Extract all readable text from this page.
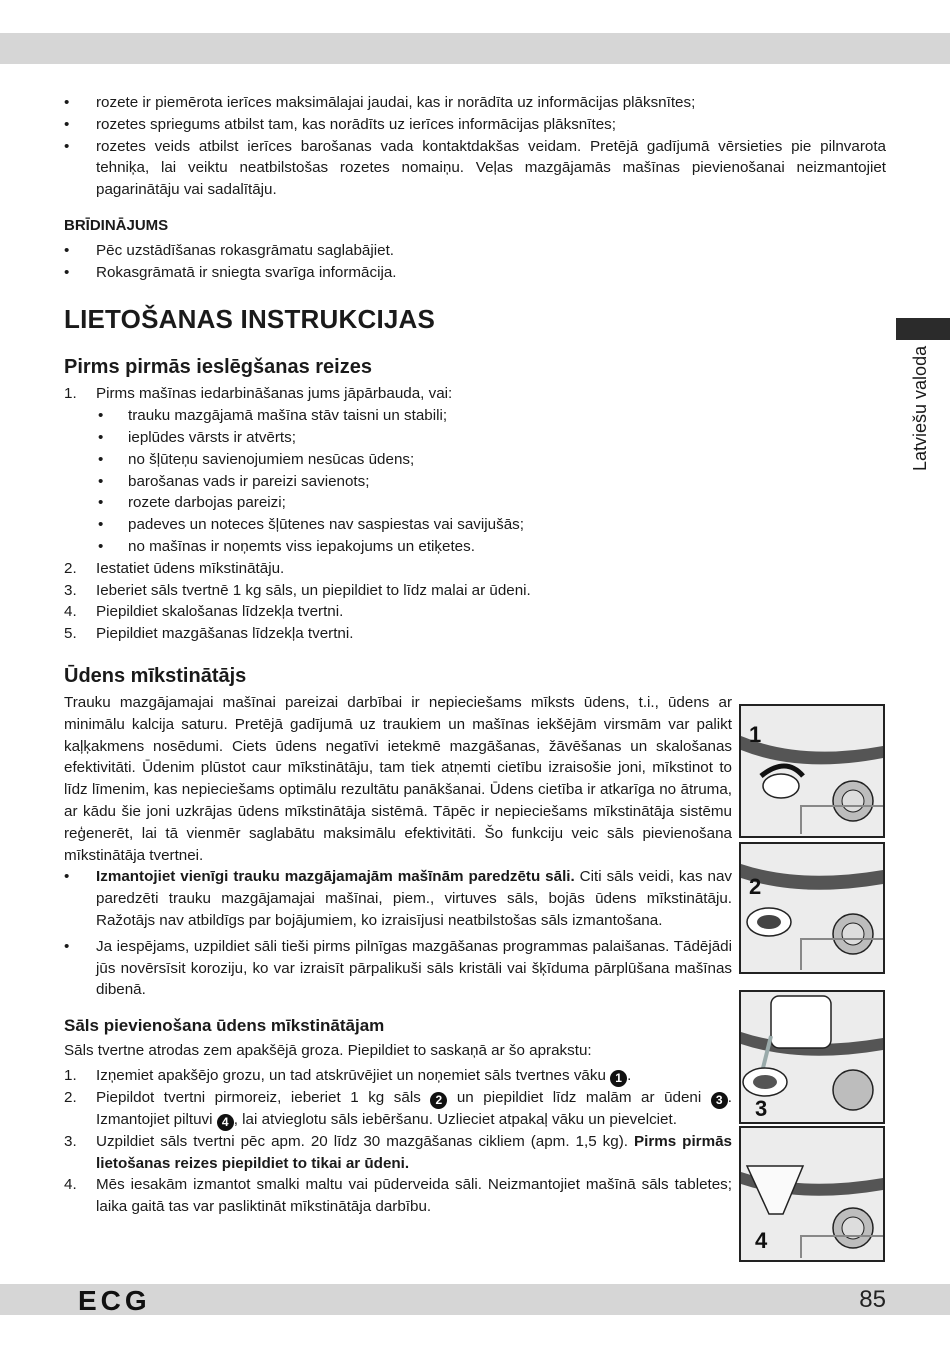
Latviešu valoda
• rozete ir piemērota ierīces maksimālajai jaudai, kas ir norādīta uz informācijas plāksnītes;
• rozetes spriegums atbilst tam, kas norādīts uz ierīces informācijas plāksnītes;
• rozetes veids atbilst ierīces barošanas vada kontaktdakšas veidam. Pretējā gadījumā vērsieties pie pilnvarota tehniķa, lai veiktu neatbilstošas rozetes nomaiņu. Veļas mazgājamās mašīnas pievienošanai neizmantojiet pagarinātāju vai sadalītāju.
BRĪDINĀJUMS
• Pēc uzstādīšanas rokasgrāmatu saglabājiet.
• Rokasgrāmatā ir sniegta svarīga informācija.
LIETOŠANAS INSTRUKCIJAS
Pirms pirmās ieslēgšanas reizes
1. Pirms mašīnas iedarbināšanas jums jāpārbauda, vai:
• trauku mazgājamā mašīna stāv taisni un stabili;
• ieplūdes vārsts ir atvērts;
• no šļūteņu savienojumiem nesūcas ūdens;
• barošanas vads ir pareizi savienots;
• rozete darbojas pareizi;
• padeves un noteces šļūtenes nav saspiestas vai savijušās;
• no mašīnas ir noņemts viss iepakojums un etiķetes.
2. Iestatiet ūdens mīkstinātāju.
3. Ieberiet sāls tvertnē 1 kg sāls, un piepildiet to līdz malai ar ūdeni.
4. Piepildiet skalošanas līdzekļa tvertni.
5. Piepildiet mazgāšanas līdzekļa tvertni.
Ūdens mīkstinātājs

Trauku mazgājamajai mašīnai pareizai darbībai ir nepieciešams mīksts ūdens, t.i., ūdens ar minimālu kalcija saturu. Pretējā gadījumā uz traukiem un mašīnas iekšējām virsmām var palikt kaļķakmens nosēdumi. Ciets ūdens negatīvi ietekmē mazgāšanas, žāvēšanas un skalošanas efektivitāti. Ūdenim plūstot caur mīkstinātāju, tam tiek atņemti cietību izraisošie joni, mīkstinot to līdz līmenim, kas nepieciešams optimālu rezultātu panākšanai. Ūdens cietība ir atkarīga no ātruma, ar kādu šie joni uzkrājas ūdens mīkstinātāja sistēmā. Tāpēc ir nepieciešams mīkstinātāja sistēmu reģenerēt, lai tā vienmēr saglabātu maksimālu efektivitāti. Šo funkciju veic sāls pievienošana mīkstinātāja tvertnei.

• Izmantojiet vienīgi trauku mazgājamajām mašīnām paredzētu sāli. Citi sāls veidi, kas nav paredzēti trauku mazgājamajai mašīnai, piem., virtuves sāls, bojās ūdens mīkstinātāju. Ražotājs nav atbildīgs par bojājumiem, ko izraisījusi neatbilstošas sāls izmantošana.
• Ja iespējams, uzpildiet sāli tieši pirms pilnīgas mazgāšanas programmas palaišanas. Tādējādi jūs novērsīsit koroziju, ko var izraisīt pārpalikuši sāls kristāli vai šķīduma pārplūšana mašīnas dibenā.
Sāls pievienošana ūdens mīkstinātājam

Sāls tvertne atrodas zem apakšējā groza. Piepildiet to saskaņā ar šo aprakstu:

1. Izņemiet apakšējo grozu, un tad atskrūvējiet un noņemiet sāls tvertnes vāku 1 .
2. Piepildot tvertni pirmoreiz, ieberiet 1 kg sāls 2 un piepildiet līdz malām ar ūdeni 3 . Izmantojiet piltuvi 4 , lai atvieglotu sāls iebēršanu. Uzlieciet atpakaļ vāku un pievelciet.
3. Uzpildiet sāls tvertni pēc apm. 20 līdz 30 mazgāšanas cikliem (apm. 1,5 kg). Pirms pirmās lietošanas reizes piepildiet to tikai ar ūdeni.
4. Mēs iesakām izmantot smalki maltu vai pūderveida sāli. Neizmantojiet mašīnā sāls tabletes; laika gaitā tas var pasliktināt mīkstinātāja darbību.
1
2
3
4
ECG	85
